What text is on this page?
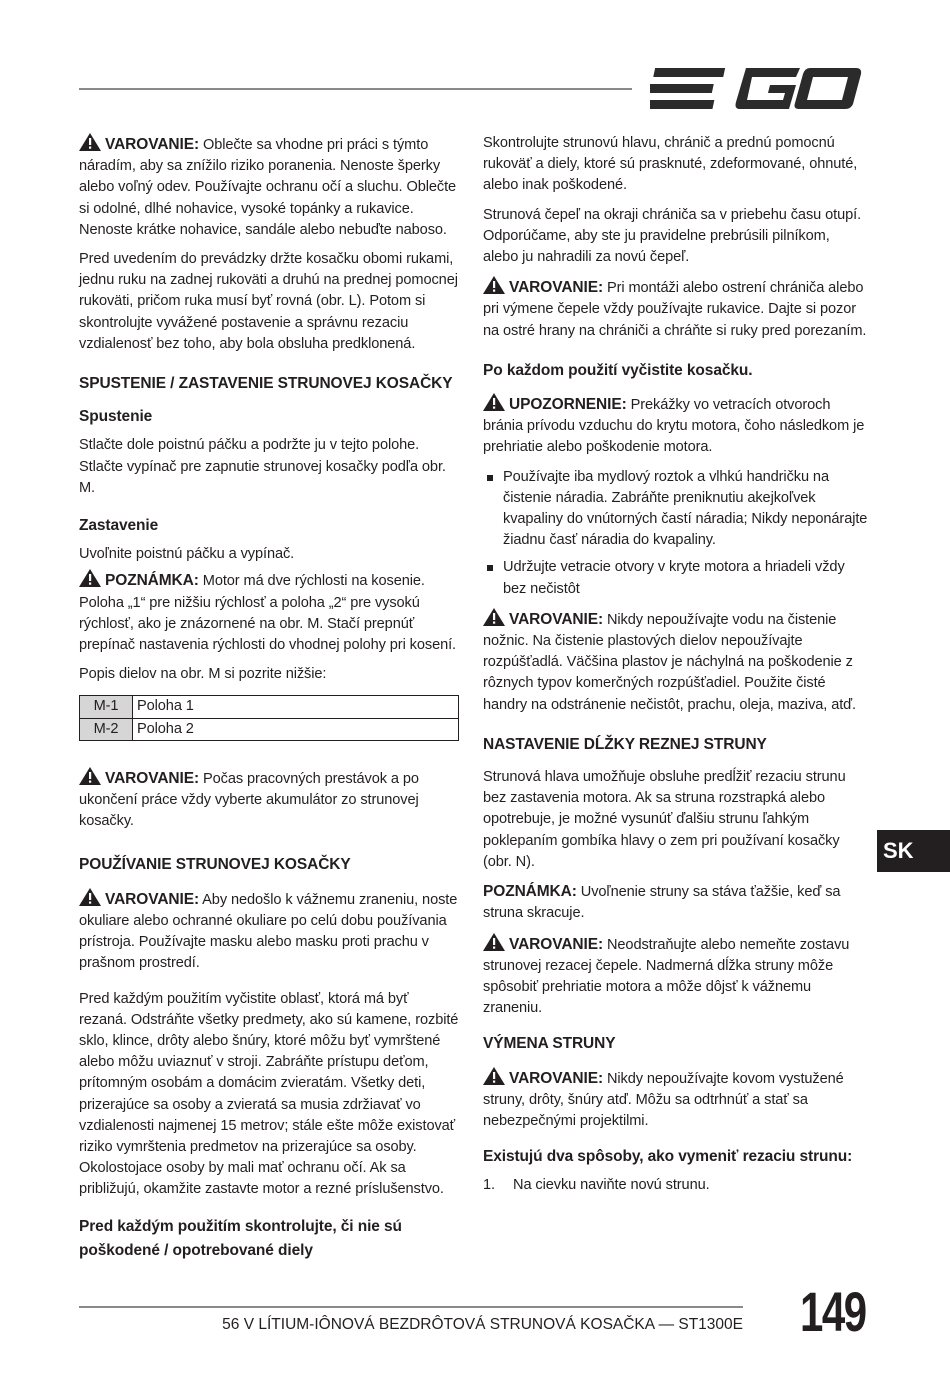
VAROVANIE: Oblečte sa vhodne pri práci s týmto náradím, aby sa znížilo riziko poranenia. Nenoste šperky alebo voľný odev. Používajte ochranu očí a sluchu. Oblečte si odolné, dlhé nohavice, vysoké topánky a rukavice. Nenoste krátke nohavice, sandále alebo nebuďte naboso.

Pred uvedením do prevádzky držte kosačku obomi rukami, jednu ruku na zadnej rukoväti a druhú na prednej pomocnej rukoväti, pričom ruka musí byť rovná (obr. L). Potom si skontrolujte vyvážené postavenie a správnu rezaciu vzdialenosť bez toho, aby bola obsluha predklonená.

SPUSTENIE / ZASTAVENIE STRUNOVEJ KOSAČKY
Spustenie

Stlačte dole poistnú páčku a podržte ju v tejto polohe. Stlačte vypínač pre zapnutie strunovej kosačky podľa obr. M.

Zastavenie

Uvoľnite poistnú páčku a vypínač.

POZNÁMKA: Motor má dve rýchlosti na kosenie. Poloha „1“ pre nižšiu rýchlosť a poloha „2“ pre vysokú rýchlosť, ako je znázornené na obr. M. Stačí prepnúť prepínač nastavenia rýchlosti do vhodnej polohy pri kosení.

Popis dielov na obr. M si pozrite nižšie:

M-1	Poloha 1
M-2	Poloha 2

VAROVANIE: Počas pracovných prestávok a po ukončení práce vždy vyberte akumulátor zo strunovej kosačky.

POUŽÍVANIE STRUNOVEJ KOSAČKY

VAROVANIE: Aby nedošlo k vážnemu zraneniu, noste okuliare alebo ochranné okuliare po celú dobu používania prístroja. Používajte masku alebo masku proti prachu v prašnom prostredí.

Pred každým použitím vyčistite oblasť, ktorá má byť rezaná. Odstráňte všetky predmety, ako sú kamene, rozbité sklo, klince, drôty alebo šnúry, ktoré môžu byť vymrštené alebo môžu uviaznuť v stroji. Zabráňte prístupu deťom, prítomným osobám a domácim zvieratám. Všetky deti, prizerajúce sa osoby a zvieratá sa musia zdržiavať vo vzdialenosti najmenej 15 metrov; stále ešte môže existovať riziko vymrštenia predmetov na prizerajúce sa osoby. Okolostojace osoby by mali mať ochranu očí. Ak sa približujú, okamžite zastavte motor a rezné príslušenstvo.

Pred každým použitím skontrolujte, či nie sú poškodené / opotrebované diely

Skontrolujte strunovú hlavu, chránič a prednú pomocnú rukoväť a diely, ktoré sú prasknuté, zdeformované, ohnuté, alebo inak poškodené.

Strunová čepeľ na okraji chrániča sa v priebehu času otupí. Odporúčame, aby ste ju pravidelne prebrúsili pilníkom, alebo ju nahradili za novú čepeľ.

VAROVANIE: Pri montáži alebo ostrení chrániča alebo pri výmene čepele vždy používajte rukavice. Dajte si pozor na ostré hrany na chrániči a chráňte si ruky pred porezaním.

Po každom použití vyčistite kosačku.

UPOZORNENIE: Prekážky vo vetracích otvoroch bránia prívodu vzduchu do krytu motora, čoho následkom je prehriatie alebo poškodenie motora.

Používajte iba mydlový roztok a vlhkú handričku na čistenie náradia. Zabráňte preniknutiu akejkoľvek kvapaliny do vnútorných častí náradia; Nikdy neponárajte žiadnu časť náradia do kvapaliny.
Udržujte vetracie otvory v kryte motora a hriadeli vždy bez nečistôt

VAROVANIE: Nikdy nepoužívajte vodu na čistenie nožnic. Na čistenie plastových dielov nepoužívajte rozpúšťadlá. Väčšina plastov je náchylná na poškodenie z rôznych typov komerčných rozpúšťadiel. Použite čisté handry na odstránenie nečistôt, prachu, oleja, maziva, atď.

NASTAVENIE DĹŽKY REZNEJ STRUNY

Strunová hlava umožňuje obsluhe predĺžiť rezaciu strunu bez zastavenia motora. Ak sa struna rozstrapká alebo opotrebuje, je možné vysunúť ďalšiu strunu ľahkým poklepaním gombíka hlavy o zem pri používaní kosačky (obr. N).

POZNÁMKA: Uvoľnenie struny sa stáva ťažšie, keď sa struna skracuje.

VAROVANIE: Neodstraňujte alebo nemeňte zostavu strunovej rezacej čepele. Nadmerná dĺžka struny môže spôsobiť prehriatie motora a môže dôjsť k vážnemu zraneniu.

VÝMENA STRUNY

VAROVANIE: Nikdy nepoužívajte kovom vystužené struny, drôty, šnúry atď. Môžu sa odtrhnúť a stať sa nebezpečnými projektilmi.

Existujú dva spôsoby, ako vymeniť rezaciu strunu:

1. Na cievku naviňte novú strunu.

SK
56 V LÍTIUM-IÔNOVÁ BEZDRÔTOVÁ STRUNOVÁ KOSAČKA — ST1300E 149
